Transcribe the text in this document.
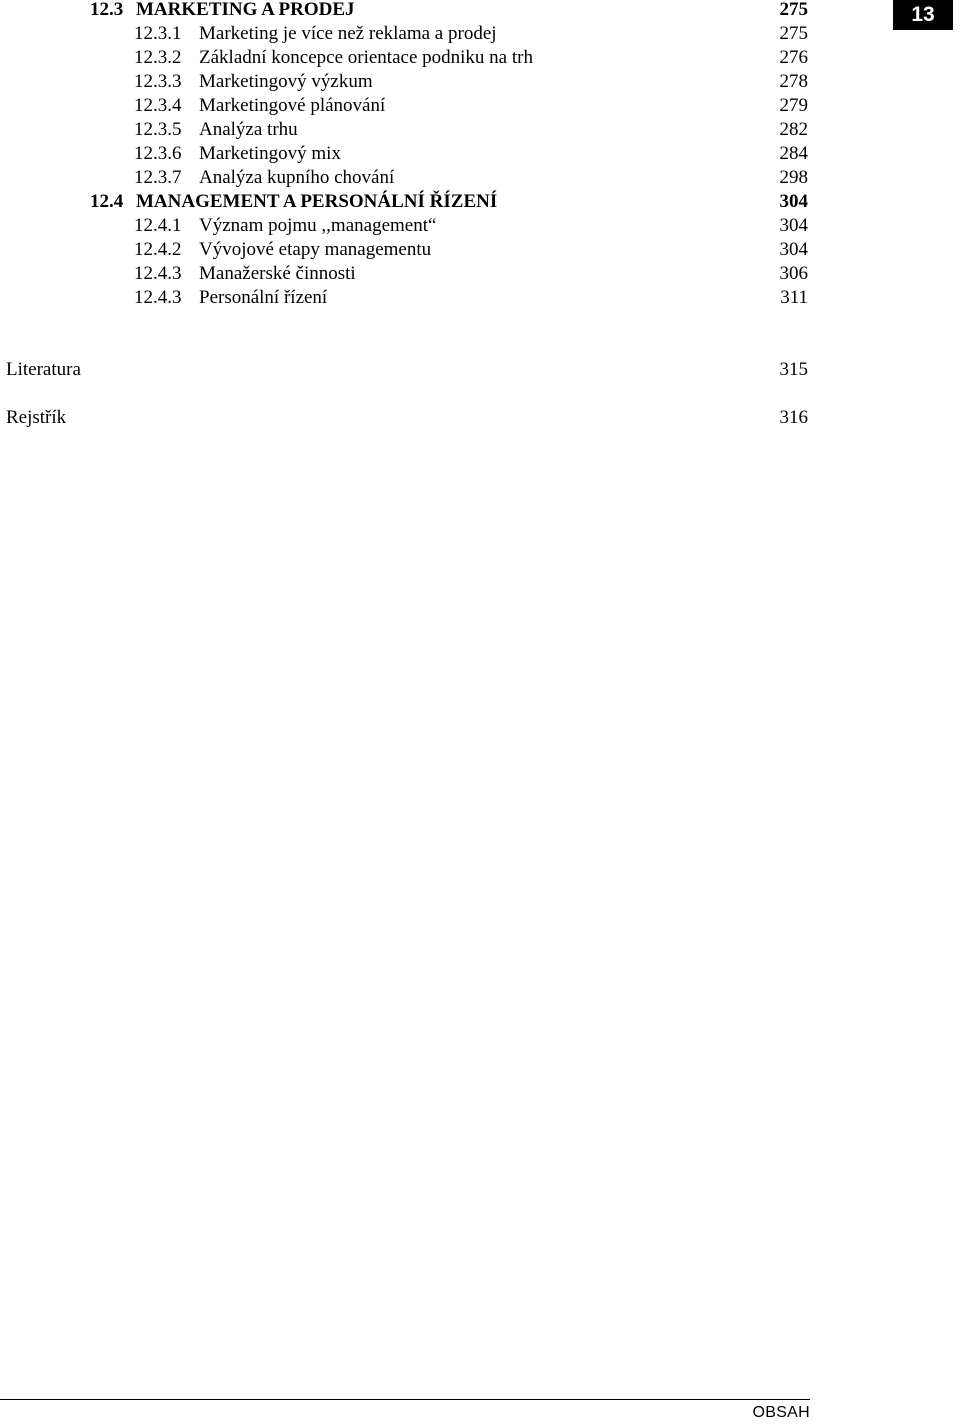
12.3 MARKETING A PRODEJ	275
12.3.1 Marketing je více než reklama a prodej	275
12.3.2 Základní koncepce orientace podniku na trh	276
12.3.3 Marketingový výzkum	278
12.3.4 Marketingové plánování	279
12.3.5 Analýza trhu	282
12.3.6 Marketingový mix	284
12.3.7 Analýza kupního chování	298
12.4 MANAGEMENT A PERSONÁLNÍ ŘÍZENÍ	304
12.4.1 Význam pojmu ,,management“	304
12.4.2 Vývojové etapy managementu	304
12.4.3 Manažerské činnosti	306
12.4.3 Personální řízení	311
Literatura	315
Rejstřík	316
13
OBSAH
